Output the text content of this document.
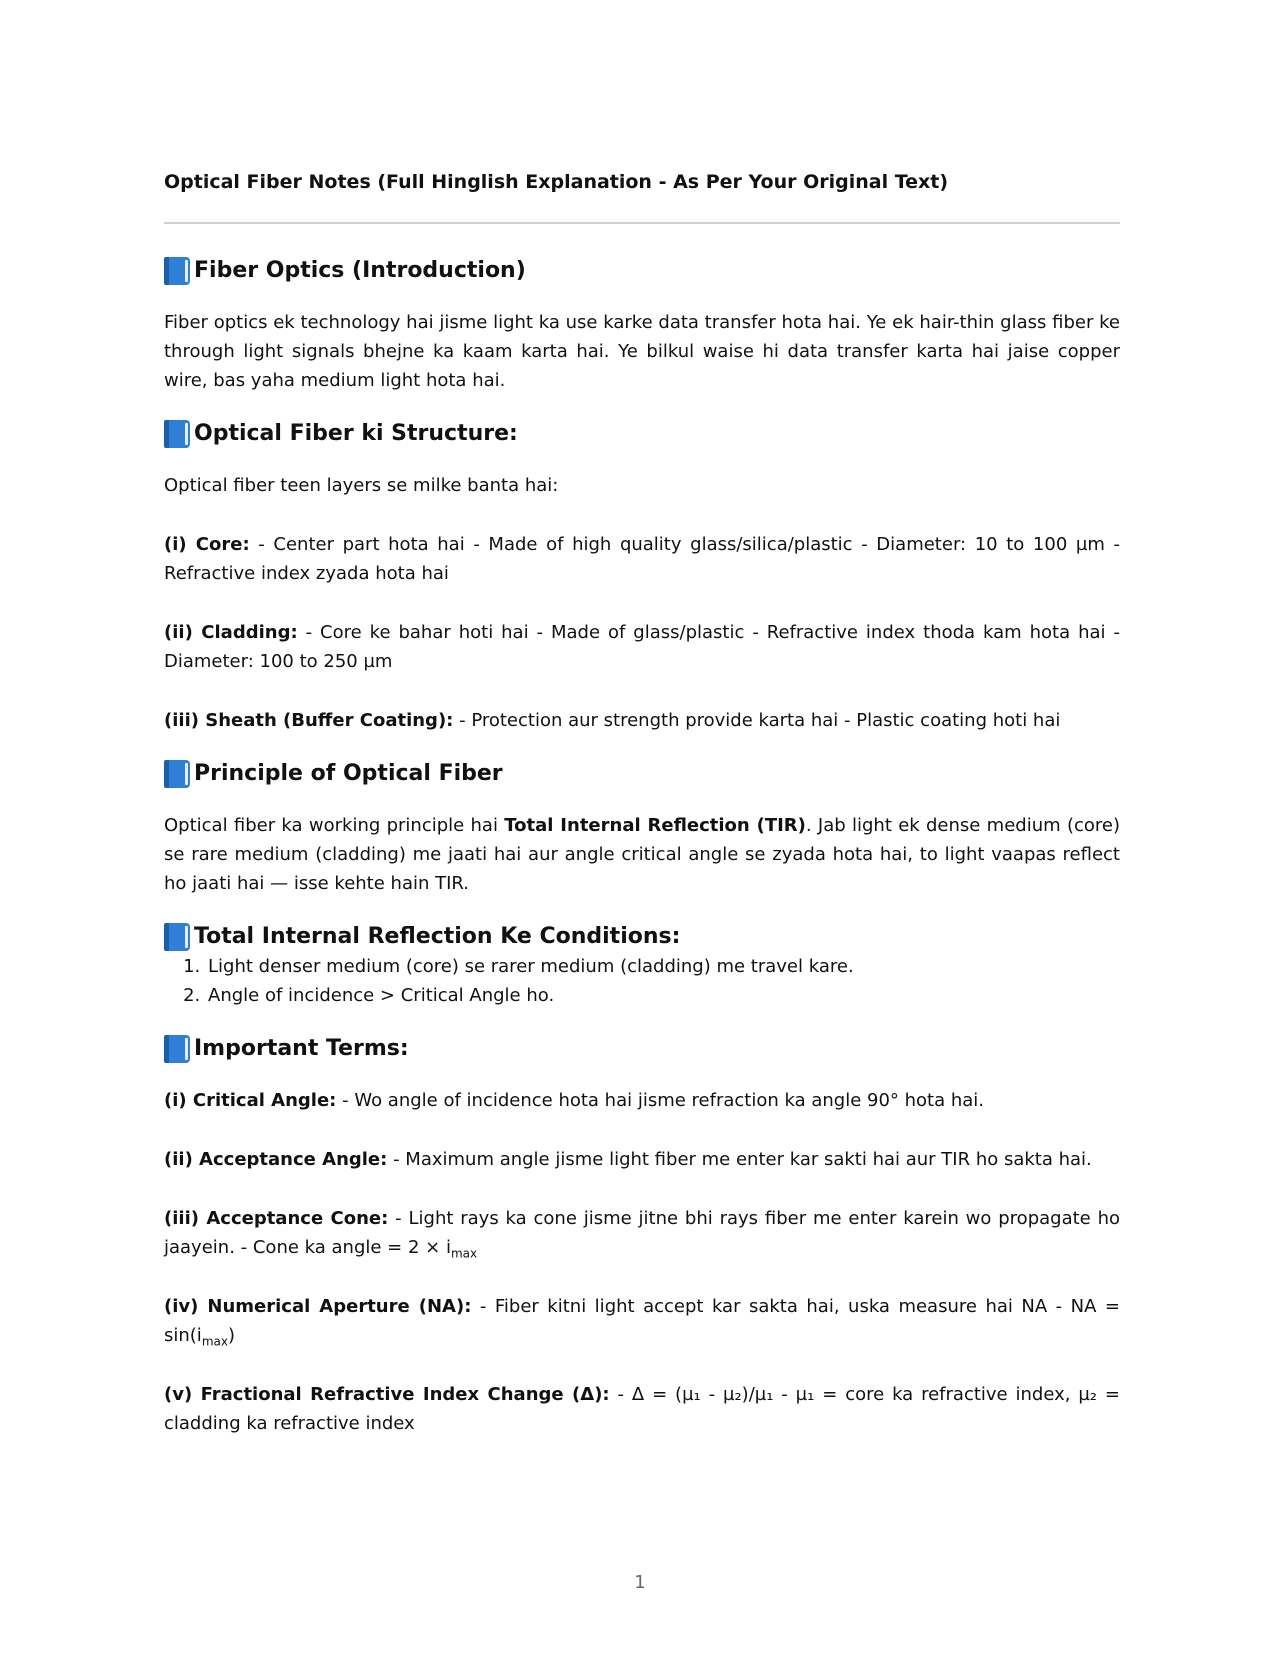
Optical Fiber Notes (Full Hinglish Explanation - As Per Your Original Text)

Fiber Optics (Introduction)

Fiber optics ek technology hai jisme light ka use karke data transfer hota hai. Ye ek hair-thin glass fiber ke through light signals bhejne ka kaam karta hai. Ye bilkul waise hi data transfer karta hai jaise copper wire, bas yaha medium light hota hai.

Optical Fiber ki Structure:

Optical fiber teen layers se milke banta hai:

(i) Core: - Center part hota hai - Made of high quality glass/silica/plastic - Diameter: 10 to 100 µm - Refractive index zyada hota hai

(ii) Cladding: - Core ke bahar hoti hai - Made of glass/plastic - Refractive index thoda kam hota hai - Diameter: 100 to 250 µm

(iii) Sheath (Buffer Coating): - Protection aur strength provide karta hai - Plastic coating hoti hai

Principle of Optical Fiber

Optical fiber ka working principle hai Total Internal Reflection (TIR). Jab light ek dense medium (core) se rare medium (cladding) me jaati hai aur angle critical angle se zyada hota hai, to light vaapas reflect ho jaati hai — isse kehte hain TIR.

Total Internal Reflection Ke Conditions:
1. Light denser medium (core) se rarer medium (cladding) me travel kare.
2. Angle of incidence > Critical Angle ho.
Important Terms:

(i) Critical Angle: - Wo angle of incidence hota hai jisme refraction ka angle 90° hota hai.

(ii) Acceptance Angle: - Maximum angle jisme light fiber me enter kar sakti hai aur TIR ho sakta hai.

(iii) Acceptance Cone: - Light rays ka cone jisme jitne bhi rays fiber me enter karein wo propagate ho jaayein. - Cone ka angle = $2 \times i_{max}$

(iv) Numerical Aperture (NA): - Fiber kitni light accept kar sakta hai, uska measure hai NA - NA = $\sin(i_{max})$

(v) Fractional Refractive Index Change (Δ): - Δ = (µ₁ - µ₂)/µ₁ - µ₁ = core ka refractive index, µ₂ = cladding ka refractive index

1
